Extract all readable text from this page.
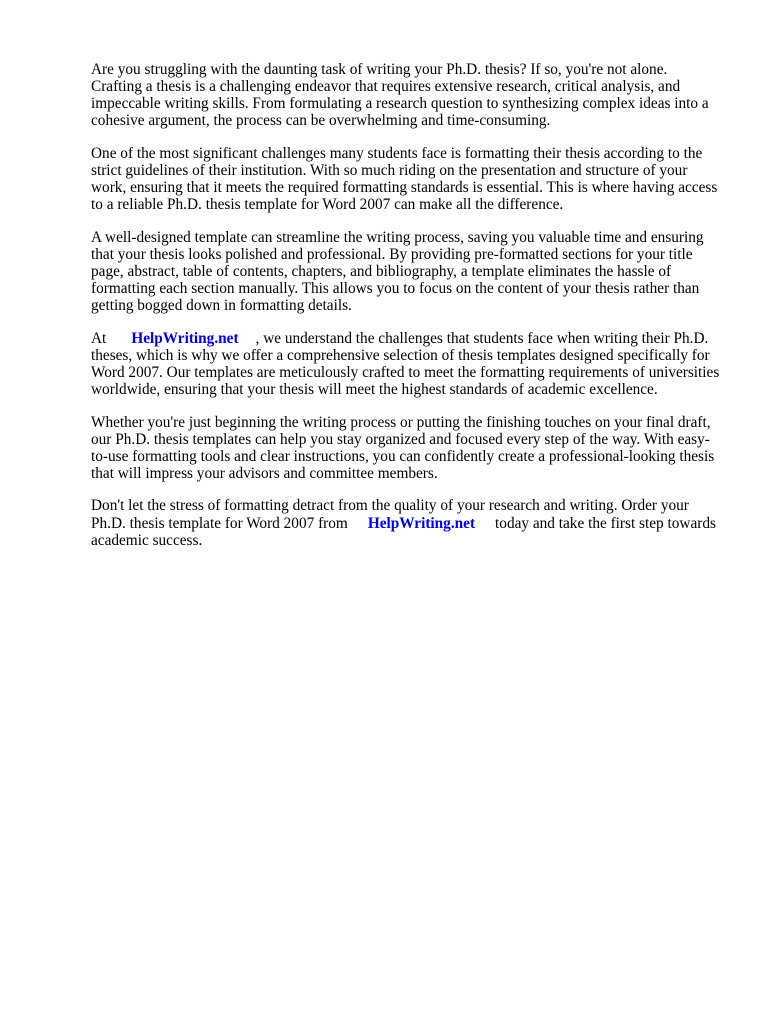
Are you struggling with the daunting task of writing your Ph.D. thesis? If so, you're not alone. Crafting a thesis is a challenging endeavor that requires extensive research, critical analysis, and impeccable writing skills. From formulating a research question to synthesizing complex ideas into a cohesive argument, the process can be overwhelming and time-consuming.

One of the most significant challenges many students face is formatting their thesis according to the strict guidelines of their institution. With so much riding on the presentation and structure of your work, ensuring that it meets the required formatting standards is essential. This is where having access to a reliable Ph.D. thesis template for Word 2007 can make all the difference.

A well-designed template can streamline the writing process, saving you valuable time and ensuring that your thesis looks polished and professional. By providing pre-formatted sections for your title page, abstract, table of contents, chapters, and bibliography, a template eliminates the hassle of formatting each section manually. This allows you to focus on the content of your thesis rather than getting bogged down in formatting details.

At HelpWriting.net , we understand the challenges that students face when writing their Ph.D. theses, which is why we offer a comprehensive selection of thesis templates designed specifically for Word 2007. Our templates are meticulously crafted to meet the formatting requirements of universities worldwide, ensuring that your thesis will meet the highest standards of academic excellence.

Whether you're just beginning the writing process or putting the finishing touches on your final draft, our Ph.D. thesis templates can help you stay organized and focused every step of the way. With easy-to-use formatting tools and clear instructions, you can confidently create a professional-looking thesis that will impress your advisors and committee members.

Don't let the stress of formatting detract from the quality of your research and writing. Order your Ph.D. thesis template for Word 2007 from HelpWriting.net today and take the first step towards academic success.
